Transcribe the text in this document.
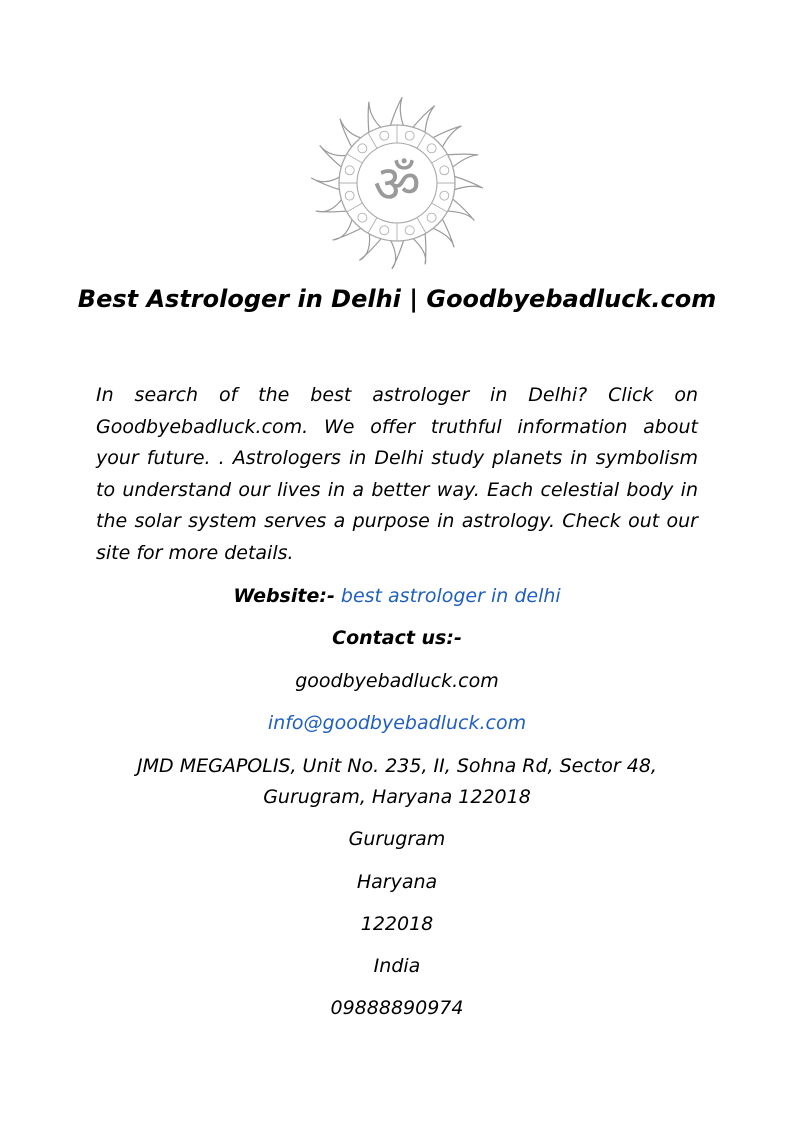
ॐ
Best Astrologer in Delhi | Goodbyebadluck.com

In search of the best astrologer in Delhi? Click on Goodbyebadluck.com. We offer truthful information about your future. . Astrologers in Delhi study planets in symbolism to understand our lives in a better way. Each celestial body in the solar system serves a purpose in astrology. Check out our site for more details.

Website:- best astrologer in delhi

Contact us:-

goodbyebadluck.com

info@goodbyebadluck.com

JMD MEGAPOLIS, Unit No. 235, II, Sohna Rd, Sector 48,

Gurugram, Haryana 122018

Gurugram

Haryana

122018

India

09888890974
